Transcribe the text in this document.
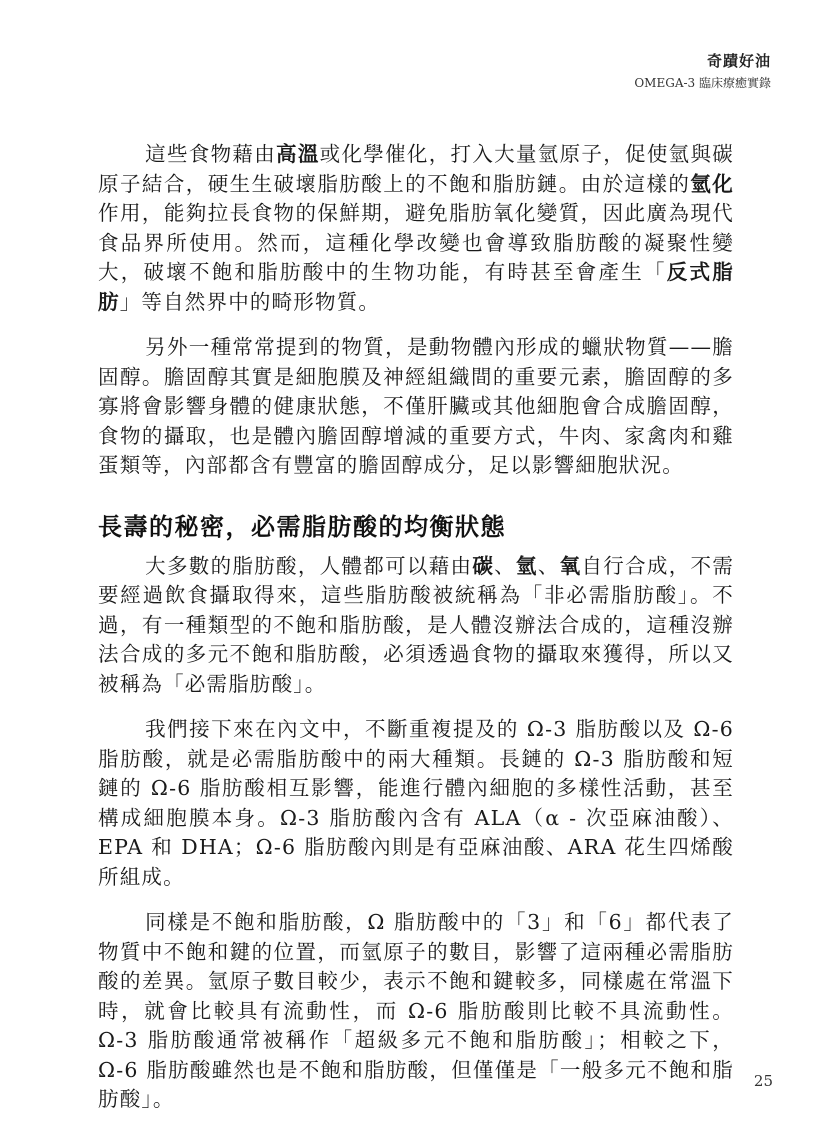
奇蹟好油
OMEGA-3 臨床療癒實錄

這些食物藉由高溫或化學催化，打入大量氫原子，促使氫與碳原子結合，硬生生破壞脂肪酸上的不飽和脂肪鏈。由於這樣的氫化作用，能夠拉長食物的保鮮期，避免脂肪氧化變質，因此廣為現代食品界所使用。然而，這種化學改變也會導致脂肪酸的凝聚性變大，破壞不飽和脂肪酸中的生物功能，有時甚至會產生「反式脂肪」等自然界中的畸形物質。

另外一種常常提到的物質，是動物體內形成的蠟狀物質——膽固醇。膽固醇其實是細胞膜及神經組織間的重要元素，膽固醇的多寡將會影響身體的健康狀態，不僅肝臟或其他細胞會合成膽固醇，食物的攝取，也是體內膽固醇增減的重要方式，牛肉、家禽肉和雞蛋類等，內部都含有豐富的膽固醇成分，足以影響細胞狀況。

長壽的秘密，必需脂肪酸的均衡狀態

大多數的脂肪酸，人體都可以藉由碳、氫、氧自行合成，不需要經過飲食攝取得來，這些脂肪酸被統稱為「非必需脂肪酸」。不過，有一種類型的不飽和脂肪酸，是人體沒辦法合成的，這種沒辦法合成的多元不飽和脂肪酸，必須透過食物的攝取來獲得，所以又被稱為「必需脂肪酸」。

我們接下來在內文中，不斷重複提及的 Ω-3 脂肪酸以及 Ω-6 脂肪酸，就是必需脂肪酸中的兩大種類。長鏈的 Ω-3 脂肪酸和短鏈的 Ω-6 脂肪酸相互影響，能進行體內細胞的多樣性活動，甚至構成細胞膜本身。Ω-3 脂肪酸內含有 ALA（α - 次亞麻油酸）、EPA 和 DHA；Ω-6 脂肪酸內則是有亞麻油酸、ARA 花生四烯酸所組成。

同樣是不飽和脂肪酸，Ω 脂肪酸中的「3」和「6」都代表了物質中不飽和鍵的位置，而氫原子的數目，影響了這兩種必需脂肪酸的差異。氫原子數目較少，表示不飽和鍵較多，同樣處在常溫下時，就會比較具有流動性，而 Ω-6 脂肪酸則比較不具流動性。Ω-3 脂肪酸通常被稱作「超級多元不飽和脂肪酸」；相較之下，Ω-6 脂肪酸雖然也是不飽和脂肪酸，但僅僅是「一般多元不飽和脂肪酸」。

25
